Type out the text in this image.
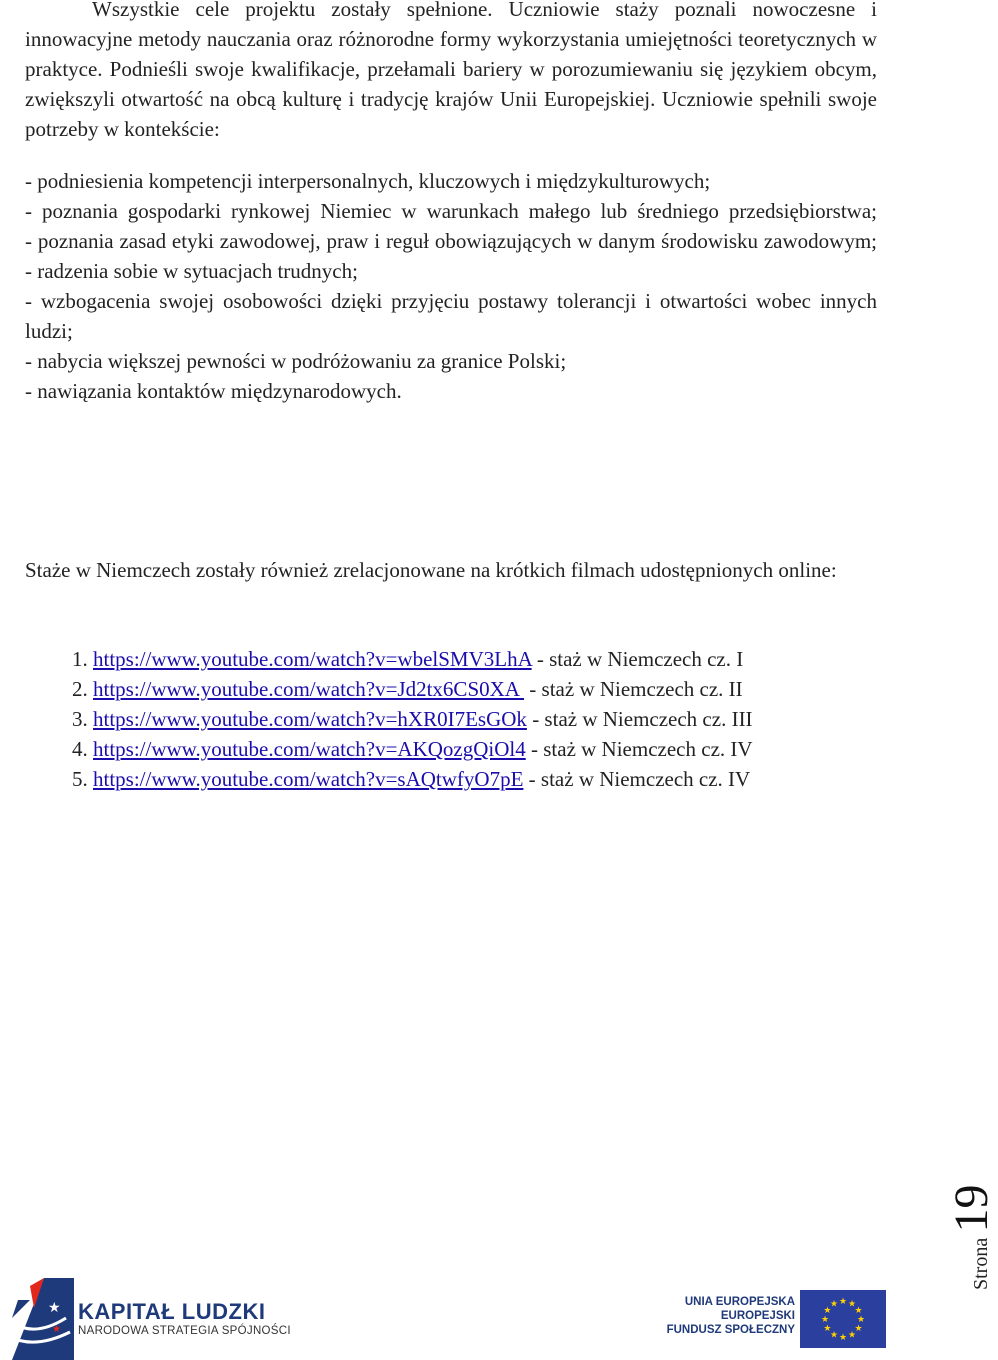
Wszystkie cele projektu zostały spełnione. Uczniowie staży poznali nowoczesne i innowacyjne metody nauczania oraz różnorodne formy wykorzystania umiejętności teoretycznych w praktyce. Podnieśli swoje kwalifikacje, przełamali bariery w porozumiewaniu się językiem obcym, zwiększyli otwartość na obcą kulturę i tradycję krajów Unii Europejskiej. Uczniowie spełnili swoje potrzeby w kontekście:

- podniesienia kompetencji interpersonalnych, kluczowych i międzykulturowych;

- poznania gospodarki rynkowej Niemiec w warunkach małego lub średniego przedsiębiorstwa;

- poznania zasad etyki zawodowej, praw i reguł obowiązujących w danym środowisku zawodowym;

- radzenia sobie w sytuacjach trudnych;

- wzbogacenia swojej osobowości dzięki przyjęciu postawy tolerancji i otwartości wobec innych ludzi;

- nabycia większej pewności w podróżowaniu za granice Polski;

- nawiązania kontaktów międzynarodowych.

Staże w Niemczech zostały również zrelacjonowane na krótkich filmach udostępnionych online:

1. https://www.youtube.com/watch?v=wbelSMV3LhA - staż w Niemczech cz. I
2. https://www.youtube.com/watch?v=Jd2tx6CS0XA  - staż w Niemczech cz. II
3. https://www.youtube.com/watch?v=hXR0I7EsGOk - staż w Niemczech cz. III
4. https://www.youtube.com/watch?v=AKQozgQiOl4 - staż w Niemczech cz. IV
5. https://www.youtube.com/watch?v=sAQtwfyO7pE - staż w Niemczech cz. IV
Strona 19
★
★
KAPITAŁ LUDZKI
NARODOWA STRATEGIA SPÓJNOŚCI
UNIA EUROPEJSKA
EUROPEJSKI
FUNDUSZ SPOŁECZNY
★
★
★
★
★
★
★
★
★ ★ ★
★
